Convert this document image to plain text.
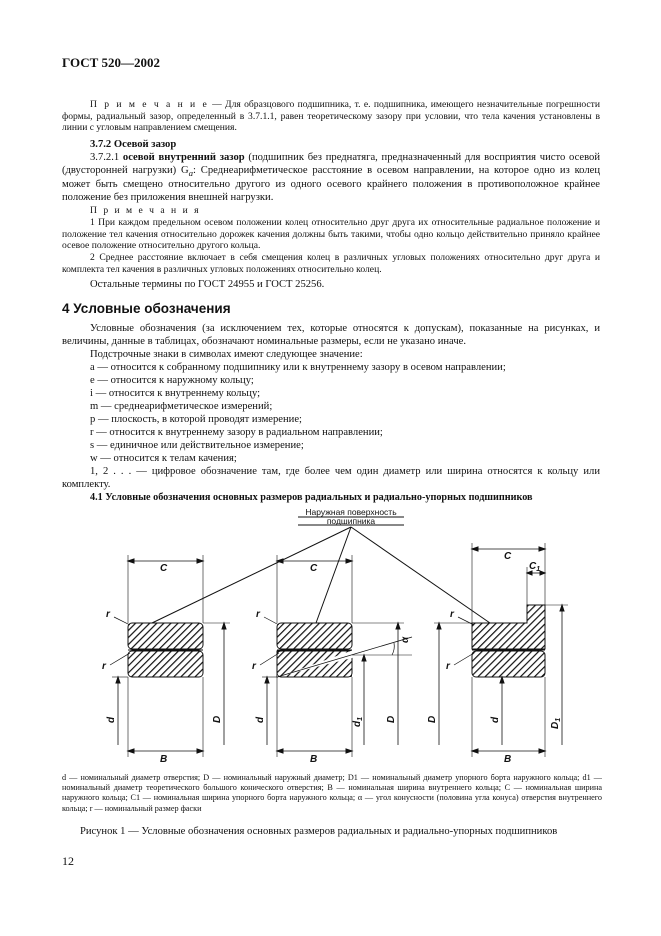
ГОСТ 520—2002
П р и м е ч а н и е — Для образцового подшипника, т. е. подшипника, имеющего незначительные погрешности формы, радиальный зазор, определенный в 3.7.1.1, равен теоретическому зазору при условии, что тела качения установлены в линии с угловым направлением смещения.
3.7.2 Осевой зазор
3.7.2.1 осевой внутренний зазор (подшипник без преднатяга, предназначенный для восприятия чисто осевой (двусторонней нагрузки) $G_a$: Среднеарифметическое расстояние в осевом направлении, на которое одно из колец может быть смещено относительно другого из одного осевого крайнего положения в противоположное крайнее положение без приложения внешней нагрузки.
П р и м е ч а н и я
1 При каждом предельном осевом положении колец относительно друг друга их относительные радиальное положение и положение тел качения относительно дорожек качения должны быть такими, чтобы одно кольцо действительно приняло крайнее осевое положение относительно другого кольца.
2 Среднее расстояние включает в себя смещения колец в различных угловых положениях относительно друг друга и комплекта тел качения в различных угловых положениях относительно колец.
Остальные термины по ГОСТ 24955 и ГОСТ 25256.
4 Условные обозначения
Условные обозначения (за исключением тех, которые относятся к допускам), показанные на рисунках, и величины, данные в таблицах, обозначают номинальные размеры, если не указано иначе.
Подстрочные знаки в символах имеют следующее значение:
a — относится к собранному подшипнику или к внутреннему зазору в осевом направлении;
e — относится к наружному кольцу;
i — относится к внутреннему кольцу;
m — среднеарифметическое измерений;
p — плоскость, в которой проводят измерение;
r — относится к внутреннему зазору в радиальном направлении;
s — единичное или действительное измерение;
w — относится к телам качения;
1, 2 . . . — цифровое обозначение там, где более чем один диаметр или ширина относятся к кольцу или комплекту.
4.1 Условные обозначения основных размеров радиальных и радиально-упорных подшипников
Наружная поверхность
подшипника
C
B
r
r
d	D
C
B
r
r
d
$d_1$ D
α
C
$C_1$
B
r
r
D	d
$D_1$
d — номинальный диаметр отверстия; D — номинальный наружный диаметр; D1 — номинальный диаметр упорного борта наружного кольца; d1 — номинальный диаметр теоретического большого конического отверстия; B — номинальная ширина внутреннего кольца; C — номинальная ширина наружного кольца; C1 — номинальная ширина упорного борта наружного кольца; α — угол конусности (половина угла конуса) отверстия внутреннего кольца; r — номинальный размер фаски
Рисунок 1 — Условные обозначения основных размеров радиальных и радиально-упорных подшипников
12
